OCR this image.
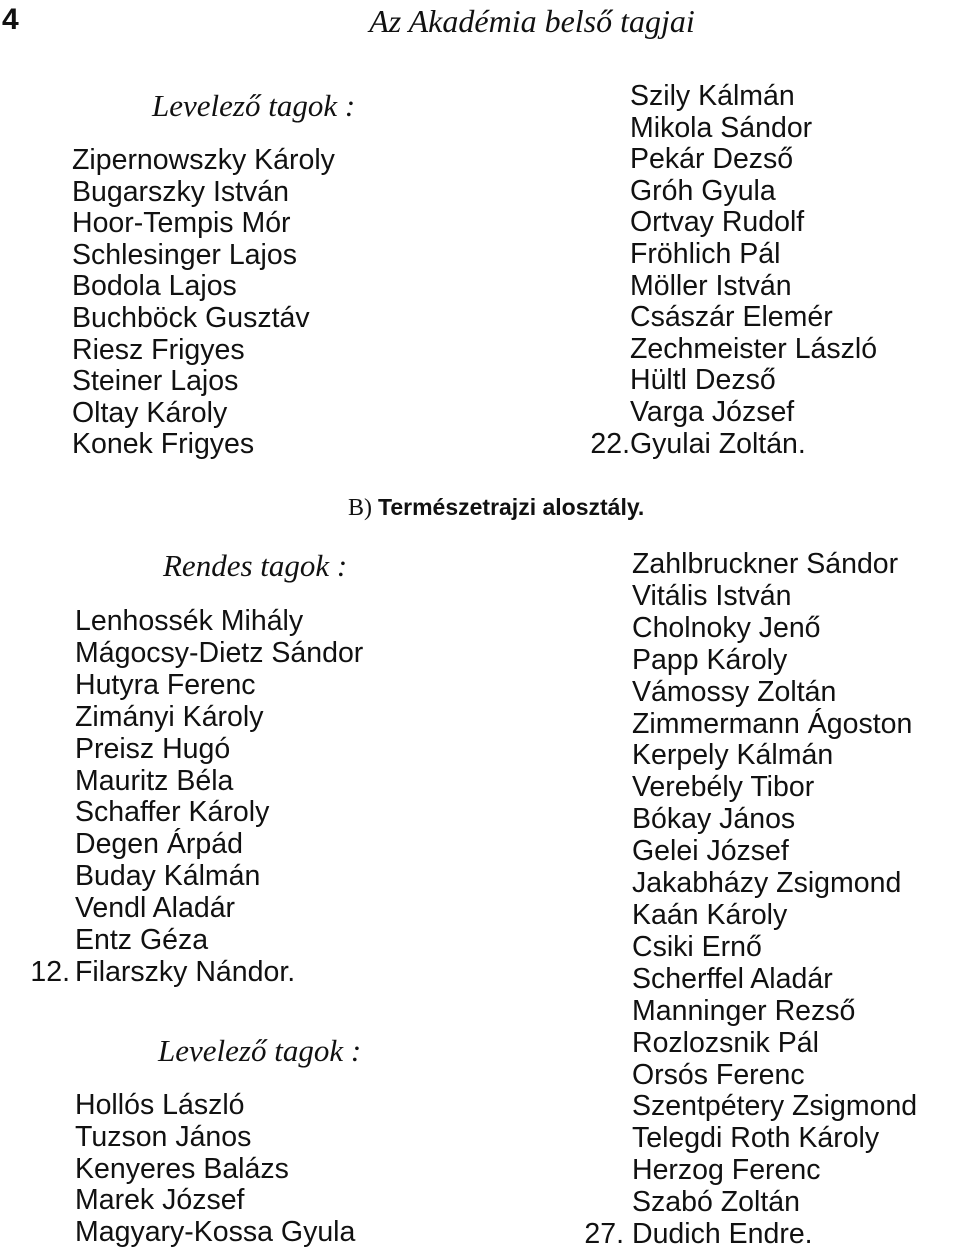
4	Az Akadémia belső tagjai
Levelező tagok :
Zipernowszky Károly
Bugarszky István
Hoor-Tempis Mór
Schlesinger Lajos
Bodola Lajos
Buchböck Gusztáv
Riesz Frigyes
Steiner Lajos
Oltay Károly
Konek Frigyes
Szily Kálmán
Mikola Sándor
Pekár Dezső
Gróh Gyula
Ortvay Rudolf
Fröhlich Pál
Möller István
Császár Elemér
Zechmeister László
Hültl Dezső
Varga József
22.Gyulai Zoltán.
B) Természetrajzi alosztály.
Rendes tagok :
Lenhossék Mihály
Mágocsy-Dietz Sándor
Hutyra Ferenc
Zimányi Károly
Preisz Hugó
Mauritz Béla
Schaffer Károly
Degen Árpád
Buday Kálmán
Vendl Aladár
Entz Géza
12. Filarszky Nándor.
Levelező tagok :
Hollós László
Tuzson János
Kenyeres Balázs
Marek József
Magyary-Kossa Gyula
Zahlbruckner Sándor
Vitális István
Cholnoky Jenő
Papp Károly
Vámossy Zoltán
Zimmermann Ágoston
Kerpely Kálmán
Verebély Tibor
Bókay János
Gelei József
Jakabházy Zsigmond
Kaán Károly
Csiki Ernő
Scherffel Aladár
Manninger Rezső
Rozlozsnik Pál
Orsós Ferenc
Szentpétery Zsigmond
Telegdi Roth Károly
Herzog Ferenc
Szabó Zoltán
27. Dudich Endre.
